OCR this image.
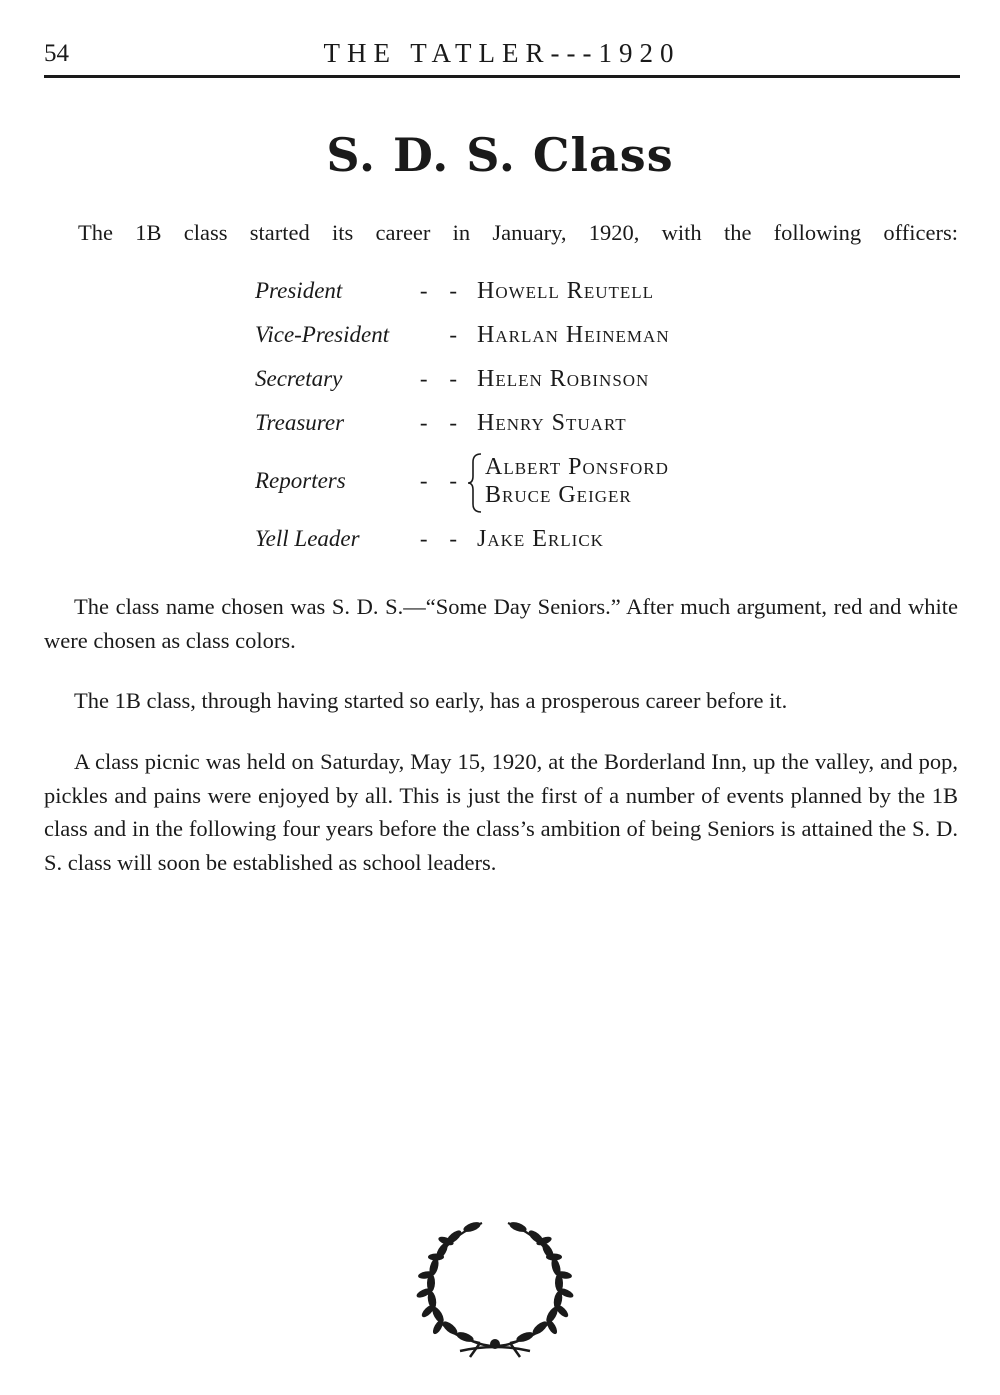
54	THE TATLER---1920
S. D. S. Class
The 1B class started its career in January, 1920, with the following officers:
President	- - Howell Reutell
Vice-President	- Harlan Heineman
Secretary	- - Helen Robinson
Treasurer	- - Henry Stuart
Reporters	- -
Albert Ponsford
Bruce Geiger
Yell Leader	- - Jake Erlick
The class name chosen was S. D. S.—“Some Day Seniors.” After much argument, red and white were chosen as class colors.
The 1B class, through having started so early, has a prosperous career before it.
A class picnic was held on Saturday, May 15, 1920, at the Borderland Inn, up the valley, and pop, pickles and pains were enjoyed by all. This is just the first of a number of events planned by the 1B class and in the following four years before the class’s ambition of being Seniors is attained the S. D. S. class will soon be established as school leaders.
